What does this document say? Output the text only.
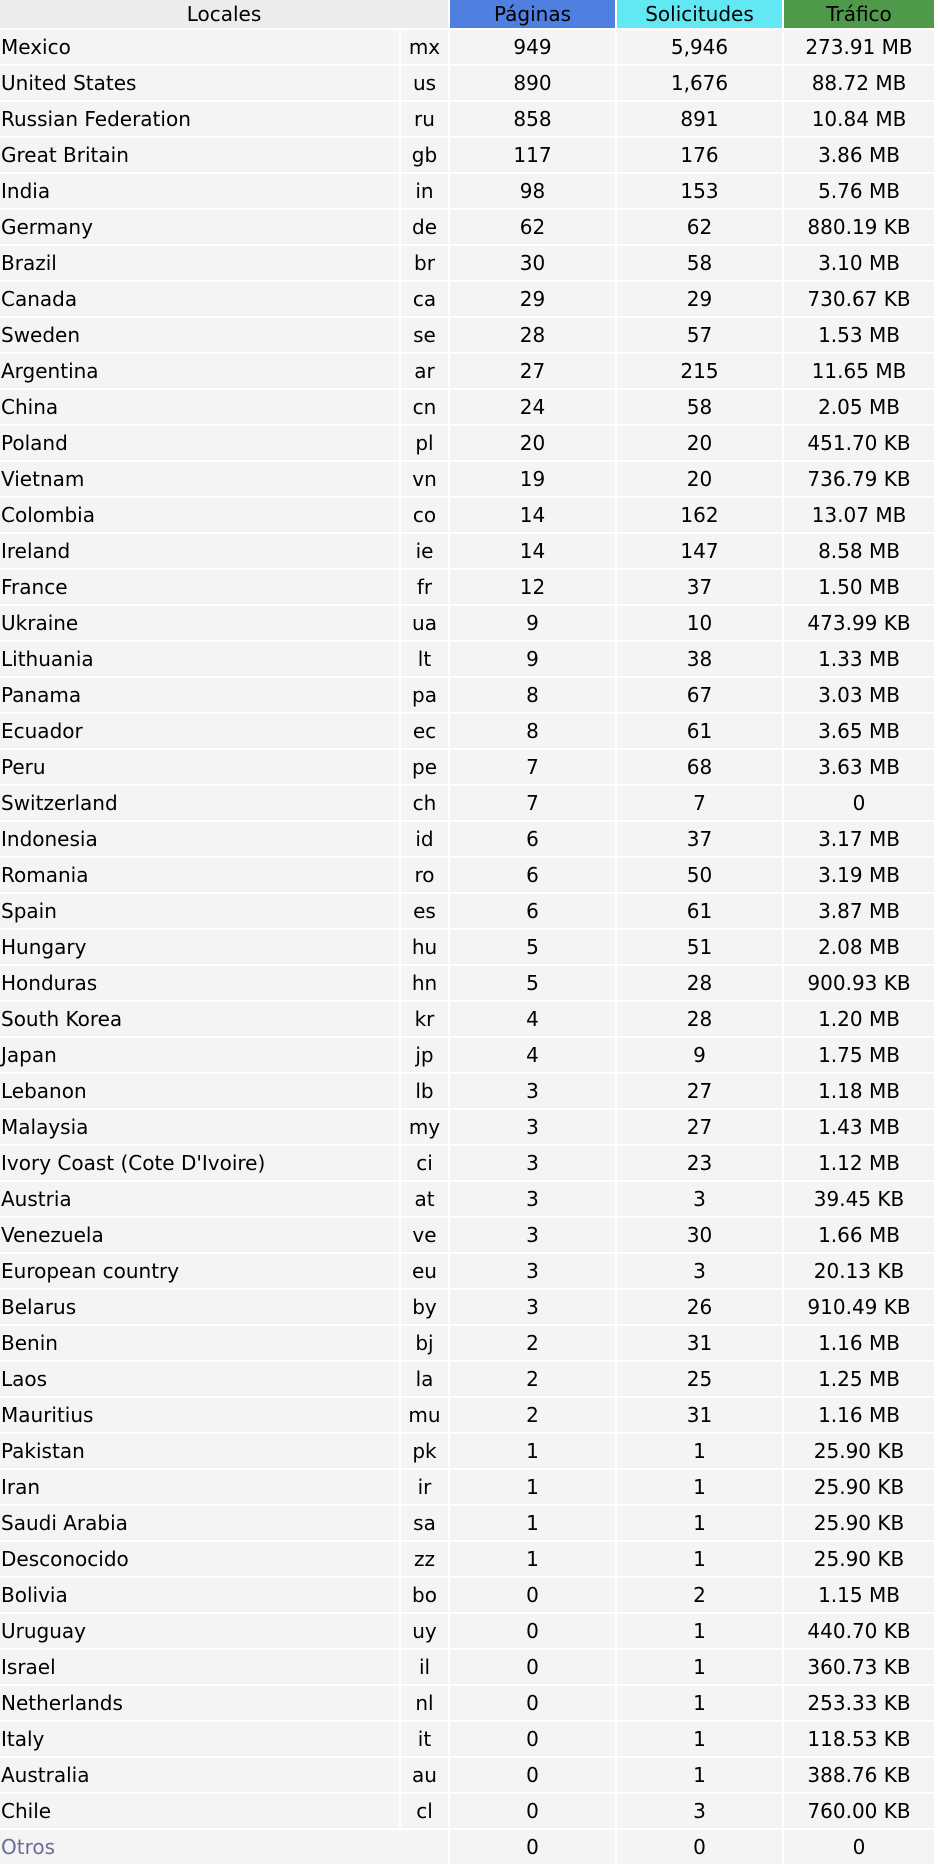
Locales		Páginas	Solicitudes	Tráfico
Mexico	mx	949	5,946	273.91 MB
United States	us	890	1,676	88.72 MB
Russian Federation	ru	858	891	10.84 MB
Great Britain	gb	117	176	3.86 MB
India	in	98	153	5.76 MB
Germany	de	62	62	880.19 KB
Brazil	br	30	58	3.10 MB
Canada	ca	29	29	730.67 KB
Sweden	se	28	57	1.53 MB
Argentina	ar	27	215	11.65 MB
China	cn	24	58	2.05 MB
Poland	pl	20	20	451.70 KB
Vietnam	vn	19	20	736.79 KB
Colombia	co	14	162	13.07 MB
Ireland	ie	14	147	8.58 MB
France	fr	12	37	1.50 MB
Ukraine	ua	9	10	473.99 KB
Lithuania	lt	9	38	1.33 MB
Panama	pa	8	67	3.03 MB
Ecuador	ec	8	61	3.65 MB
Peru	pe	7	68	3.63 MB
Switzerland	ch	7	7	0
Indonesia	id	6	37	3.17 MB
Romania	ro	6	50	3.19 MB
Spain	es	6	61	3.87 MB
Hungary	hu	5	51	2.08 MB
Honduras	hn	5	28	900.93 KB
South Korea	kr	4	28	1.20 MB
Japan	jp	4	9	1.75 MB
Lebanon	lb	3	27	1.18 MB
Malaysia	my	3	27	1.43 MB
Ivory Coast (Cote D'Ivoire)	ci	3	23	1.12 MB
Austria	at	3	3	39.45 KB
Venezuela	ve	3	30	1.66 MB
European country	eu	3	3	20.13 KB
Belarus	by	3	26	910.49 KB
Benin	bj	2	31	1.16 MB
Laos	la	2	25	1.25 MB
Mauritius	mu	2	31	1.16 MB
Pakistan	pk	1	1	25.90 KB
Iran	ir	1	1	25.90 KB
Saudi Arabia	sa	1	1	25.90 KB
Desconocido	zz	1	1	25.90 KB
Bolivia	bo	0	2	1.15 MB
Uruguay	uy	0	1	440.70 KB
Israel	il	0	1	360.73 KB
Netherlands	nl	0	1	253.33 KB
Italy	it	0	1	118.53 KB
Australia	au	0	1	388.76 KB
Chile	cl	0	3	760.00 KB
Otros		0	0	0
